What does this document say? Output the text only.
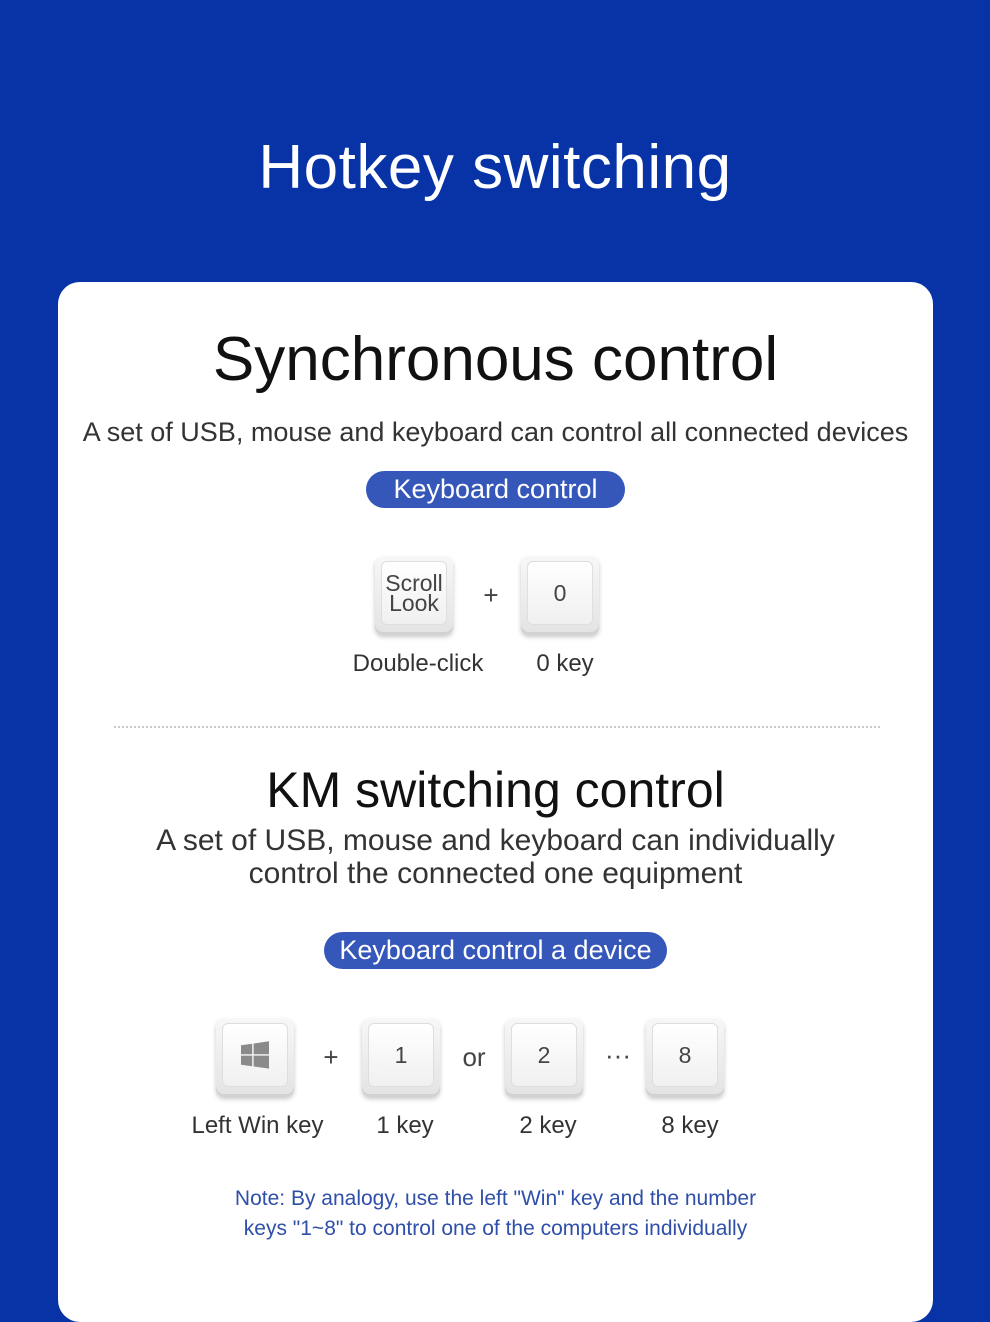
Hotkey switching
Synchronous control
A set of USB, mouse and keyboard can control all connected devices
Keyboard control
Scroll
Look +	0
Double-click	0 key
KM switching control
A set of USB, mouse and keyboard can individually
control the connected one equipment
Keyboard control a device
+	1	or	2	···	8
Left Win key	1 key	2 key	8 key
Note: By analogy, use the left "Win" key and the number
keys "1~8" to control one of the computers individually
